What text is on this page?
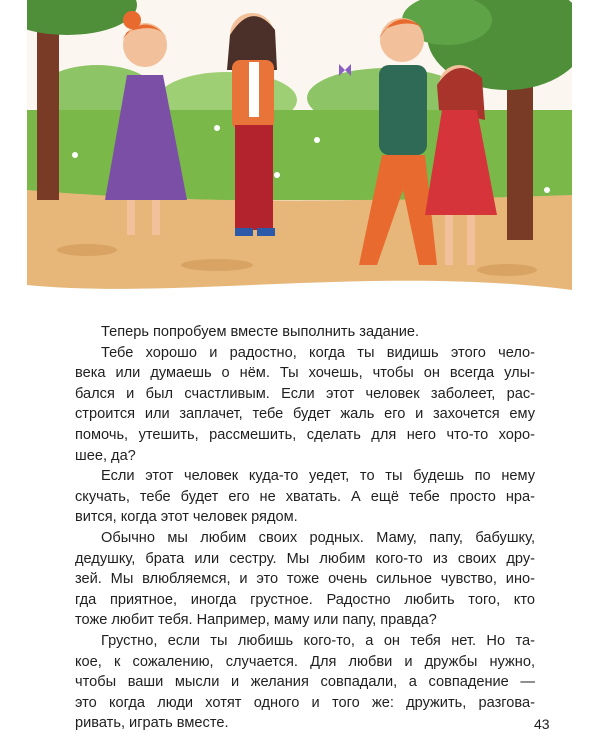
Теперь попробуем вместе выполнить задание.

Тебе хорошо и радостно, когда ты видишь этого чело-
века или думаешь о нём. Ты хочешь, чтобы он всегда улы-
бался и был счастливым. Если этот человек заболеет, рас-
строится или заплачет, тебе будет жаль его и захочется ему
помочь, утешить, рассмешить, сделать для него что-то хоро-
шее, да?

Если этот человек куда-то уедет, то ты будешь по нему
скучать, тебе будет его не хватать. А ещё тебе просто нра-
вится, когда этот человек рядом.

Обычно мы любим своих родных. Маму, папу, бабушку,
дедушку, брата или сестру. Мы любим кого-то из своих дру-
зей. Мы влюбляемся, и это тоже очень сильное чувство, ино-
гда приятное, иногда грустное. Радостно любить того, кто
тоже любит тебя. Например, маму или папу, правда?

Грустно, если ты любишь кого-то, а он тебя нет. Но та-
кое, к сожалению, случается. Для любви и дружбы нужно,
чтобы ваши мысли и желания совпадали, а совпадение —
это когда люди хотят одного и того же: дружить, разгова-
ривать, играть вместе.	43
